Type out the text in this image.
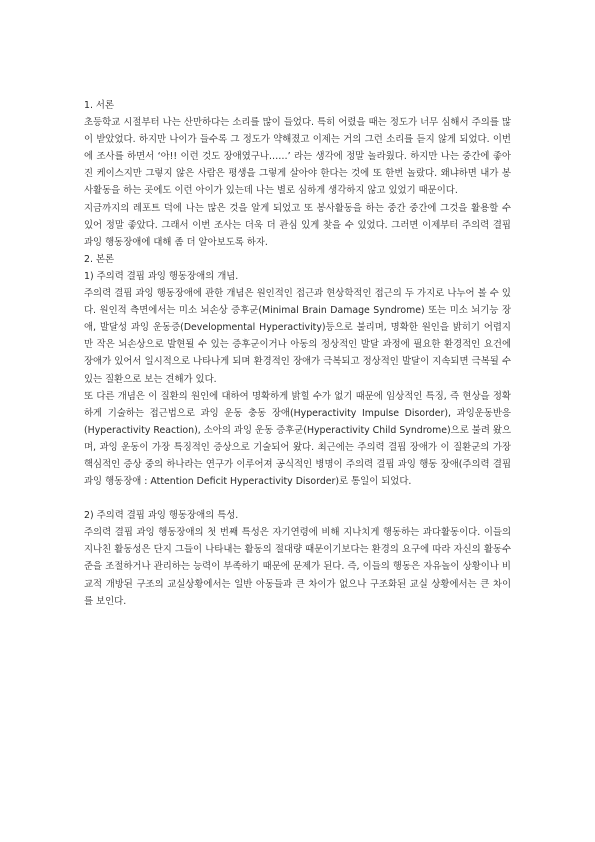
1. 서론

초등학교 시절부터 나는 산만하다는 소리를 많이 들었다. 특히 어렸을 때는 정도가 너무 심해서 주의를 많이 받았었다. 하지만 나이가 들수록 그 정도가 약해졌고 이제는 거의 그런 소리를 듣지 않게 되었다. 이번에 조사를 하면서 ‘아!! 이런 것도 장애였구나……’ 라는 생각에 정말 놀라웠다. 하지만 나는 중간에 좋아진 케이스지만 그렇지 않은 사람은 평생을 그렇게 살아야 한다는 것에 또 한번 놀랐다. 왜냐하면 내가 봉사활동을 하는 곳에도 이런 아이가 있는데 나는 별로 심하게 생각하지 않고 있었기 때문이다.

지금까지의 레포트 덕에 나는 많은 것을 알게 되었고 또 봉사활동을 하는 중간 중간에 그것을 활용할 수 있어 정말 좋았다. 그래서 이번 조사는 더욱 더 관심 있게 찾을 수 있었다. 그러면 이제부터 주의력 결핍 과잉 행동장애에 대해 좀 더 알아보도록 하자.

2. 본론

1) 주의력 결핍 과잉 행동장애의 개념.

주의력 결핍 과잉 행동장애에 관한 개념은 원인적인 접근과 현상학적인 접근의 두 가지로 나누어 볼 수 있다. 원인적 측면에서는 미소 뇌손상 증후군(Minimal Brain Damage Syndrome) 또는 미소 뇌기능 장애, 발달성 과잉 운동증(Developmental Hyperactivity)등으로 불리며, 명확한 원인을 밝히기 어렵지만 작은 뇌손상으로 발현될 수 있는 증후군이거나 아동의 정상적인 발달 과정에 필요한 환경적인 요건에 장애가 있어서 일시적으로 나타나게 되며 환경적인 장애가 극복되고 정상적인 발달이 지속되면 극복될 수 있는 질환으로 보는 견해가 있다.

또 다른 개념은 이 질환의 원인에 대하여 명확하게 밝힐 수가 없기 때문에 임상적인 특징, 즉 현상을 정확하게 기술하는 접근법으로 과잉 운동 충동 장애(Hyperactivity Impulse Disorder), 과잉운동반응(Hyperactivity Reaction), 소아의 과잉 운동 증후군(Hyperactivity Child Syndrome)으로 불려 왔으며, 과잉 운동이 가장 특징적인 증상으로 기술되어 왔다. 최근에는 주의력 결핍 장애가 이 질환군의 가장 핵심적인 증상 중의 하나라는 연구가 이루어져 공식적인 병명이 주의력 결핍 과잉 행동 장애(주의력 결핍 과잉 행동장애 : Attention Deficit Hyperactivity Disorder)로 통일이 되었다.

2) 주의력 결핍 과잉 행동장애의 특성.

주의력 결핍 과잉 행동장애의 첫 번째 특성은 자기연령에 비해 지나치게 행동하는 과다활동이다. 이들의 지나친 활동성은 단지 그들이 나타내는 활동의 절대량 때문이기보다는 환경의 요구에 따라 자신의 활동수준을 조절하거나 관리하는 능력이 부족하기 때문에 문제가 된다. 즉, 이들의 행동은 자유놀이 상황이나 비교적 개방된 구조의 교실상황에서는 일반 아동들과 큰 차이가 없으나 구조화된 교실 상황에서는 큰 차이를 보인다.
